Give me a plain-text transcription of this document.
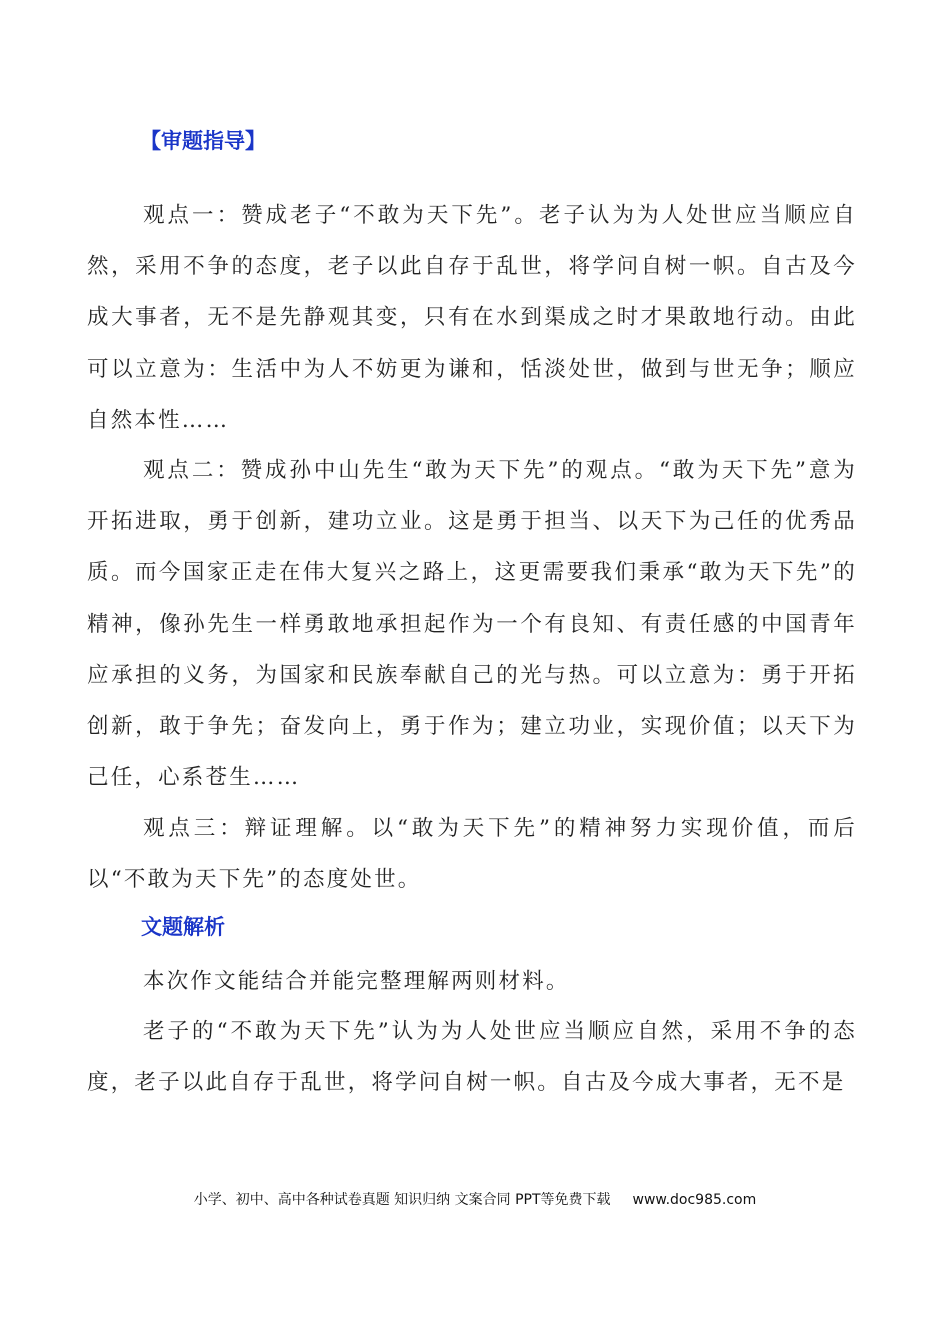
【审题指导】

观点一：赞成老子“不敢为天下先”。老子认为为人处世应当顺应自然，采用不争的态度，老子以此自存于乱世，将学问自树一帜。自古及今成大事者，无不是先静观其变，只有在水到渠成之时才果敢地行动。由此可以立意为：生活中为人不妨更为谦和，恬淡处世，做到与世无争；顺应自然本性……

观点二：赞成孙中山先生“敢为天下先”的观点。“敢为天下先”意为开拓进取，勇于创新，建功立业。这是勇于担当、以天下为己任的优秀品质。而今国家正走在伟大复兴之路上，这更需要我们秉承“敢为天下先”的精神，像孙先生一样勇敢地承担起作为一个有良知、有责任感的中国青年应承担的义务，为国家和民族奉献自己的光与热。可以立意为：勇于开拓创新，敢于争先；奋发向上，勇于作为；建立功业，实现价值；以天下为己任，心系苍生……

观点三：辩证理解。以“敢为天下先”的精神努力实现价值，而后以“不敢为天下先”的态度处世。

文题解析

本次作文能结合并能完整理解两则材料。

老子的“不敢为天下先”认为为人处世应当顺应自然，采用不争的态度，老子以此自存于乱世，将学问自树一帜。自古及今成大事者，无不是

小学、初中、高中各种试卷真题 知识归纳 文案合同 PPT等免费下载 www.doc985.com
